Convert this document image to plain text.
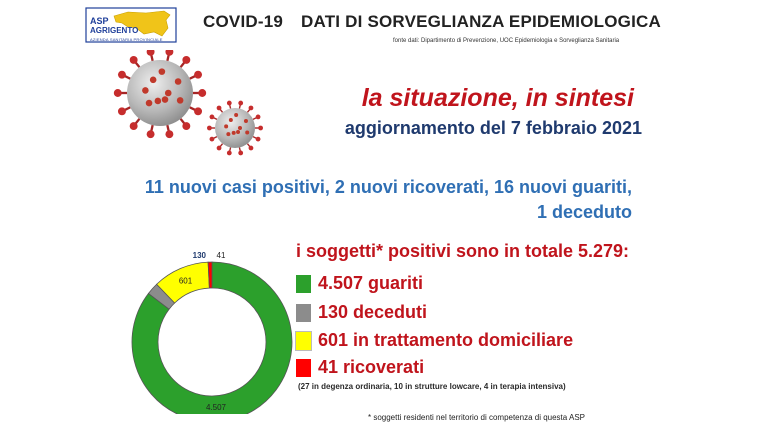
ASP
AGRIGENTO
AZIENDA SANITARIA PROVINCIALE
COVID-19 DATI DI SORVEGLIANZA EPIDEMIOLOGICA
fonte dati: Dipartimento di Prevenzione, UOC Epidemiologia e Sorveglianza Sanitaria
la situazione, in sintesi
aggiornamento del 7 febbraio 2021
11 nuovi casi positivi, 2 nuovi ricoverati, 16 nuovi guariti,
1 deceduto
4.507
130
601
41	i soggetti* positivi sono in totale 5.279:
4.507 guariti
130 deceduti
601 in trattamento domiciliare
41 ricoverati
(27 in degenza ordinaria, 10 in strutture lowcare, 4 in terapia intensiva)
* soggetti residenti nel territorio di competenza di questa ASP
